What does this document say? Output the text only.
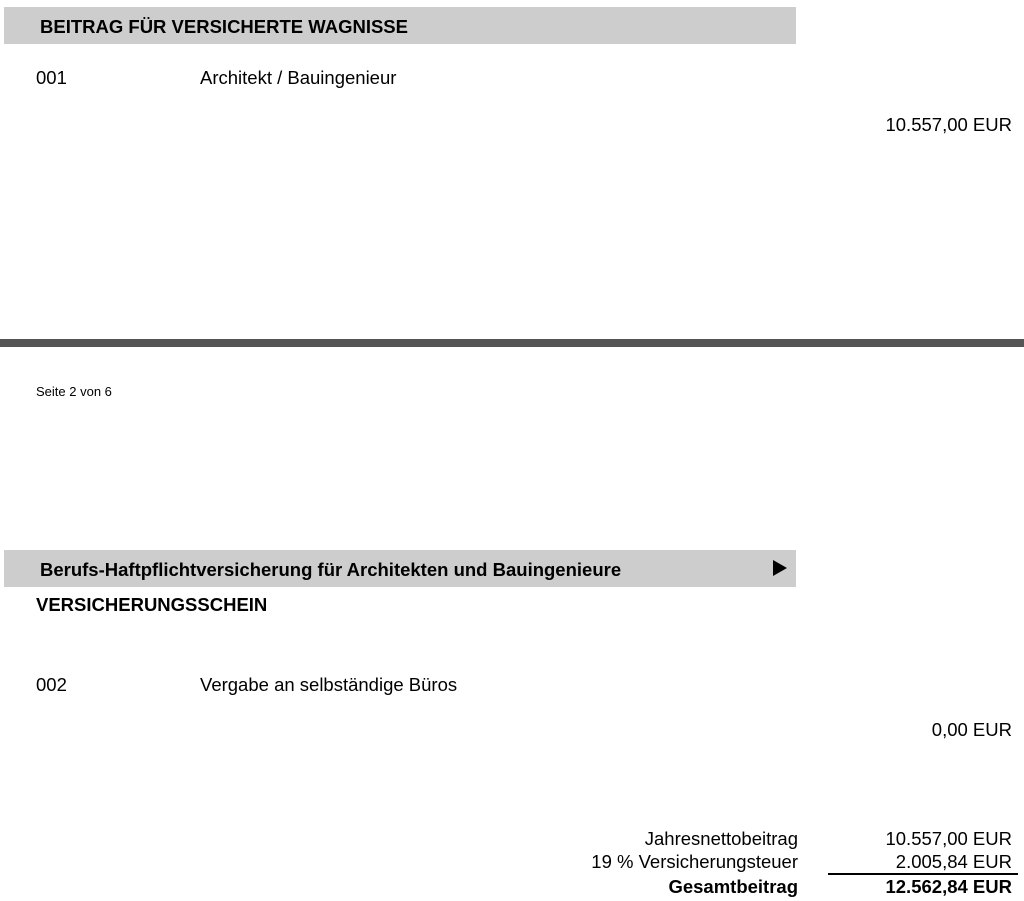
BEITRAG FÜR VERSICHERTE WAGNISSE
001	Architekt / Bauingenieur
10.557,00 EUR
Seite 2 von 6
Berufs-Haftpflichtversicherung für Architekten und Bauingenieure
VERSICHERUNGSSCHEIN
002	Vergabe an selbständige Büros
0,00 EUR
Jahresnettobeitrag	10.557,00 EUR
19 % Versicherungsteuer	2.005,84 EUR
Gesamtbeitrag	12.562,84 EUR
